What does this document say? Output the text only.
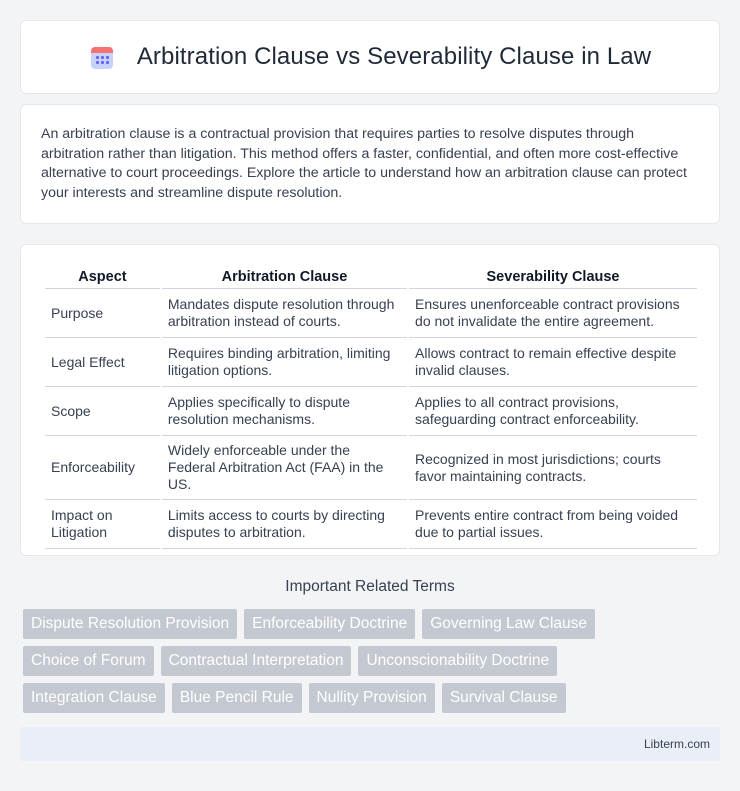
Arbitration Clause vs Severability Clause in Law

An arbitration clause is a contractual provision that requires parties to resolve disputes through arbitration rather than litigation. This method offers a faster, confidential, and often more cost-effective alternative to court proceedings. Explore the article to understand how an arbitration clause can protect your interests and streamline dispute resolution.

Aspect	Arbitration Clause	Severability Clause
Purpose	Mandates dispute resolution through arbitration instead of courts.	Ensures unenforceable contract provisions do not invalidate the entire agreement.
Legal Effect	Requires binding arbitration, limiting litigation options.	Allows contract to remain effective despite invalid clauses.
Scope	Applies specifically to dispute resolution mechanisms.	Applies to all contract provisions, safeguarding contract enforceability.
Enforceability	Widely enforceable under the Federal Arbitration Act (FAA) in the US.	Recognized in most jurisdictions; courts favor maintaining contracts.
Impact on Litigation	Limits access to courts by directing disputes to arbitration.	Prevents entire contract from being voided due to partial issues.
Important Related Terms
Dispute Resolution Provision	Enforceability Doctrine	Governing Law Clause
Choice of Forum	Contractual Interpretation	Unconscionability Doctrine
Integration Clause	Blue Pencil Rule	Nullity Provision	Survival Clause
Libterm.com
